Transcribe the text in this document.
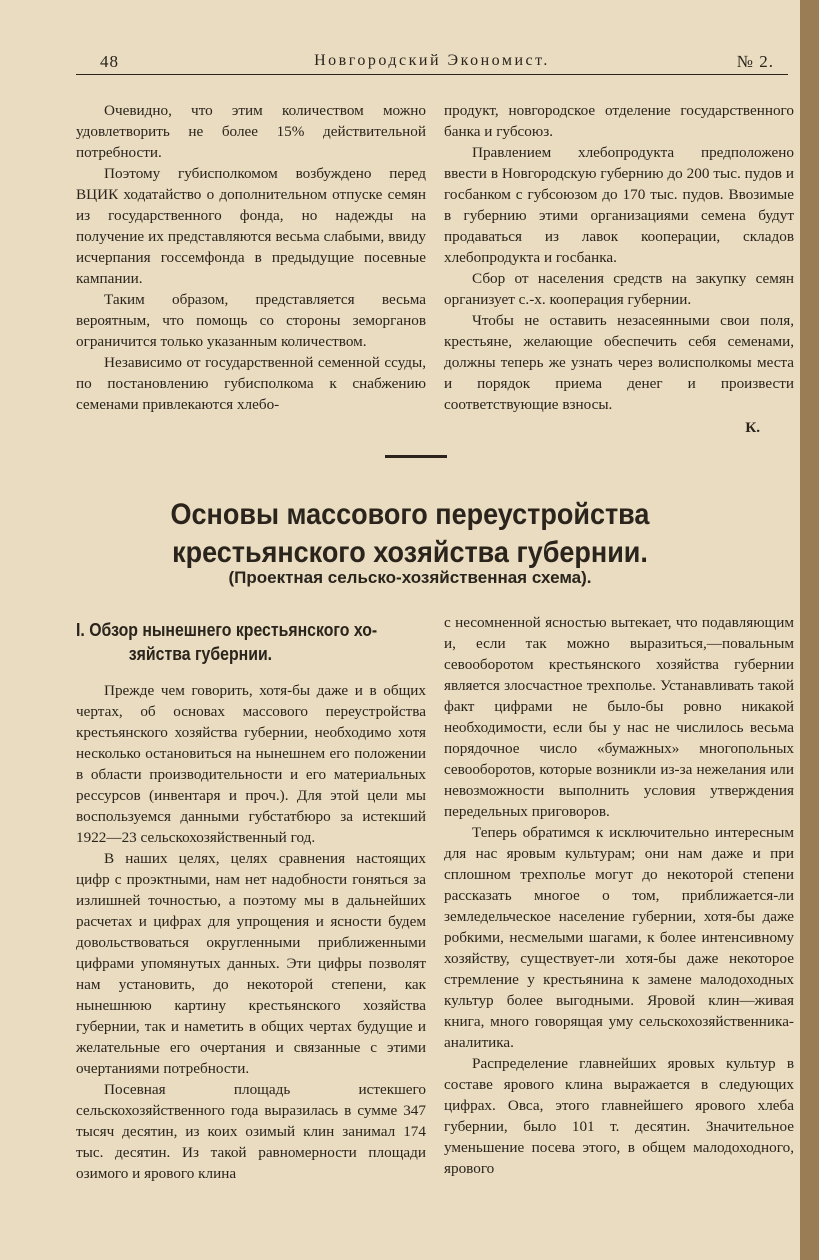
48	Новгородский Экономист.	№ 2.

Очевидно, что этим количеством можно удовлетворить не более 15% действительной потребности.

Поэтому губисполкомом возбуждено перед ВЦИК ходатайство о дополнительном отпуске семян из государственного фонда, но надежды на получение их представляются весьма слабыми, ввиду исчерпания госсемфонда в предыдущие посевные кампании.

Таким образом, представляется весьма вероятным, что помощь со стороны земорганов ограничится только указанным количеством.

Независимо от государственной семенной ссуды, по постановлению губисполкома к снабжению семенами привлекаются хлебо-

продукт, новгородское отделение государственного банка и губсоюз.

Правлением хлебопродукта предположено ввести в Новгородскую губернию до 200 тыс. пудов и госбанком с губсоюзом до 170 тыс. пудов. Ввозимые в губернию этими организациями семена будут продаваться из лавок кооперации, складов хлебопродукта и госбанка.

Сбор от населения средств на закупку семян организует с.-х. кооперация губернии.

Чтобы не оставить незасеянными свои поля, крестьяне, желающие обеспечить себя семенами, должны теперь же узнать через волисполкомы места и порядок приема денег и произвести соответствующие взносы.

К.
Основы массового переустройства крестьянского хозяйства губернии.
(Проектная сельско-хозяйственная схема).
I. Обзор нынешнего крестьянского хо-
зяйства губернии.

Прежде чем говорить, хотя-бы даже и в общих чертах, об основах массового переустройства крестьянского хозяйства губернии, необходимо хотя несколько остановиться на нынешнем его положении в области производительности и его материальных рессурсов (инвентаря и проч.). Для этой цели мы воспользуемся данными губстатбюро за истекший 1922—23 сельскохозяйственный год.

В наших целях, целях сравнения настоящих цифр с проэктными, нам нет надобности гоняться за излишней точностью, а поэтому мы в дальнейших расчетах и цифрах для упрощения и ясности будем довольствоваться округленными приближенными цифрами упомянутых данных. Эти цифры позволят нам установить, до некоторой степени, как нынешнюю картину крестьянского хозяйства губернии, так и наметить в общих чертах будущие и желательные его очертания и связанные с этими очертаниями потребности.

Посевная площадь истекшего сельскохозяйственного года выразилась в сумме 347 тысяч десятин, из коих озимый клин занимал 174 тыс. десятин. Из такой равномерности площади озимого и ярового клина

с несомненной ясностью вытекает, что подавляющим и, если так можно выразиться,—повальным севооборотом крестьянского хозяйства губернии является злосчастное трехполье. Устанавливать такой факт цифрами не было-бы ровно никакой необходимости, если бы у нас не числилось весьма порядочное число «бумажных» многопольных севооборотов, которые возникли из-за нежелания или невозможности выполнить условия утверждения передельных приговоров.

Теперь обратимся к исключительно интересным для нас яровым культурам; они нам даже и при сплошном трехполье могут до некоторой степени рассказать многое о том, приближается-ли земледельческое население губернии, хотя-бы даже робкими, несмелыми шагами, к более интенсивному хозяйству, существует-ли хотя-бы даже некоторое стремление у крестьянина к замене малодоходных культур более выгодными. Яровой клин—живая книга, много говорящая уму сельскохозяйственника-аналитика.

Распределение главнейших яровых культур в составе ярового клина выражается в следующих цифрах. Овса, этого главнейшего ярового хлеба губернии, было 101 т. десятин. Значительное уменьшение посева этого, в общем малодоходного, ярового
